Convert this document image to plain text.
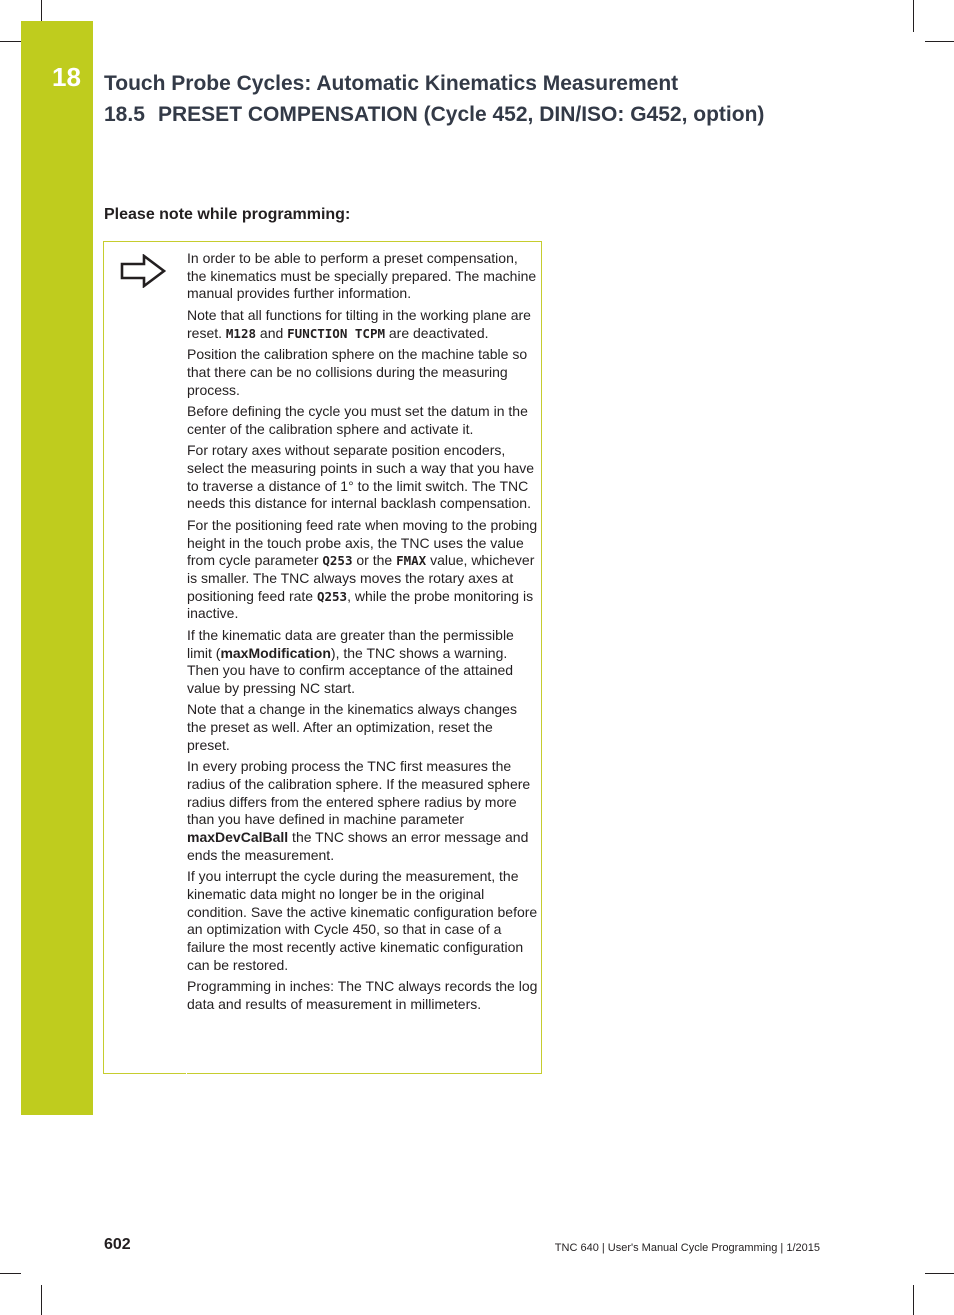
18 Touch Probe Cycles: Automatic Kinematics Measurement
18.5 PRESET COMPENSATION (Cycle 452, DIN/ISO: G452, option)
Please note while programming:

In order to be able to perform a preset compensation, the kinematics must be specially prepared. The machine manual provides further information.

Note that all functions for tilting in the working plane are reset. M128 and FUNCTION TCPM are deactivated.

Position the calibration sphere on the machine table so that there can be no collisions during the measuring process.

Before defining the cycle you must set the datum in the center of the calibration sphere and activate it.

For rotary axes without separate position encoders, select the measuring points in such a way that you have to traverse a distance of 1° to the limit switch. The TNC needs this distance for internal backlash compensation.

For the positioning feed rate when moving to the probing height in the touch probe axis, the TNC uses the value from cycle parameter Q253 or the FMAX value, whichever is smaller. The TNC always moves the rotary axes at positioning feed rate Q253, while the probe monitoring is inactive.

If the kinematic data are greater than the permissible limit (maxModification), the TNC shows a warning. Then you have to confirm acceptance of the attained value by pressing NC start.

Note that a change in the kinematics always changes the preset as well. After an optimization, reset the preset.

In every probing process the TNC first measures the radius of the calibration sphere. If the measured sphere radius differs from the entered sphere radius by more than you have defined in machine parameter maxDevCalBall the TNC shows an error message and ends the measurement.

If you interrupt the cycle during the measurement, the kinematic data might no longer be in the original condition. Save the active kinematic configuration before an optimization with Cycle 450, so that in case of a failure the most recently active kinematic configuration can be restored.

Programming in inches: The TNC always records the log data and results of measurement in millimeters.

602	TNC 640 | User's Manual Cycle Programming | 1/2015
